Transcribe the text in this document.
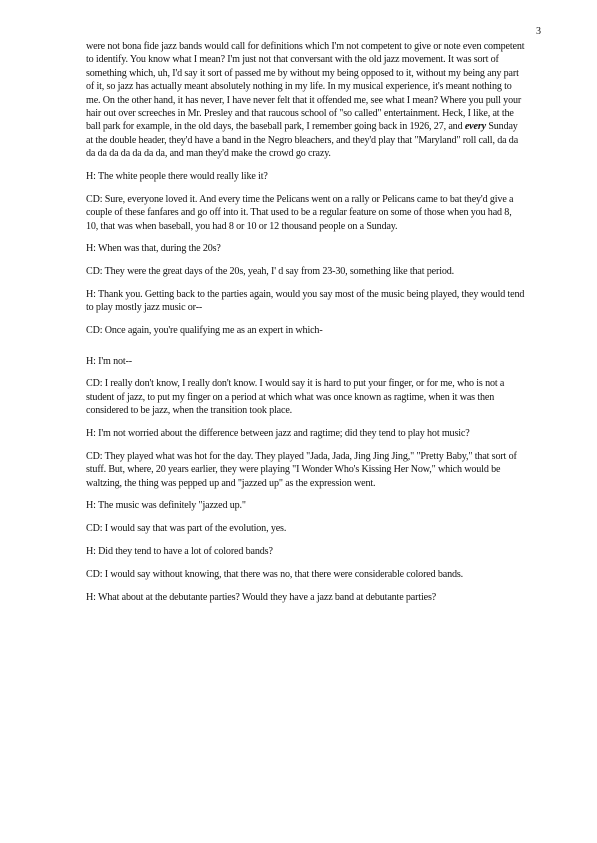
3

were not bona fide jazz bands would call for definitions which I'm not competent to give or note even competent to identify. You know what I mean? I'm just not that conversant with the old jazz movement. It was sort of something which, uh, I'd say it sort of passed me by without my being opposed to it, without my being any part of it, so jazz has actually meant absolutely nothing in my life. In my musical experience, it's meant nothing to me. On the other hand, it has never, I have never felt that it offended me, see what I mean? Where you pull your hair out over screeches in Mr. Presley and that raucous school of "so called" entertainment. Heck, I like, at the ball park for example, in the old days, the baseball park, I remember going back in 1926, 27, and every Sunday at the double header, they'd have a band in the Negro bleachers, and they'd play that "Maryland" roll call, da da da da da da da da da, and man they'd make the crowd go crazy.

H: The white people there would really like it?

CD: Sure, everyone loved it. And every time the Pelicans went on a rally or Pelicans came to bat they'd give a couple of these fanfares and go off into it. That used to be a regular feature on some of those when you had 8, 10, that was when baseball, you had 8 or 10 or 12 thousand people on a Sunday.

H: When was that, during the 20s?

CD: They were the great days of the 20s, yeah, I' d say from 23-30, something like that period.

H: Thank you. Getting back to the parties again, would you say most of the music being played, they would tend to play mostly jazz music or--

CD: Once again, you're qualifying me as an expert in which-

H: I'm not--

CD: I really don't know, I really don't know. I would say it is hard to put your finger, or for me, who is not a student of jazz, to put my finger on a period at which what was once known as ragtime, when it was then considered to be jazz, when the transition took place.

H: I'm not worried about the difference between jazz and ragtime; did they tend to play hot music?

CD: They played what was hot for the day. They played "Jada, Jada, Jing Jing Jing," "Pretty Baby," that sort of stuff. But, where, 20 years earlier, they were playing "I Wonder Who's Kissing Her Now," which would be waltzing, the thing was pepped up and "jazzed up" as the expression went.

H: The music was definitely "jazzed up."

CD: I would say that was part of the evolution, yes.

H: Did they tend to have a lot of colored bands?

CD: I would say without knowing, that there was no, that there were considerable colored bands.

H: What about at the debutante parties? Would they have a jazz band at debutante parties?
